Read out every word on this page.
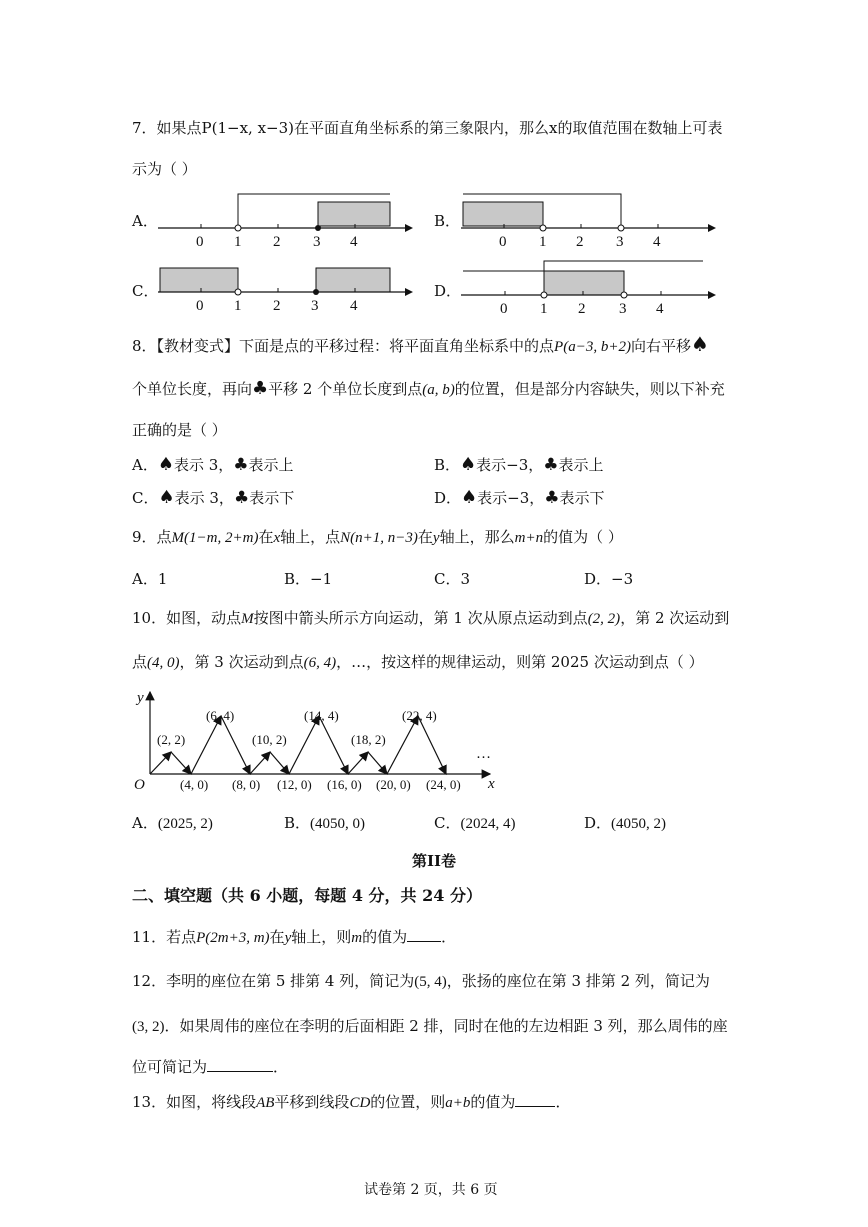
7．如果点P(1−x, x−3)在平面直角坐标系的第三象限内，那么x的取值范围在数轴上可表
示为（ ）
A．
0 1 2 3 4
B．
0 1 2 3 4
C．
0 1 2 3 4
D．
0 1 2 3 4
8．【教材变式】下面是点的平移过程：将平面直角坐标系中的点P(a−3, b+2)向右平移♠
个单位长度，再向♣平移 2 个单位长度到点(a, b)的位置，但是部分内容缺失，则以下补充
正确的是（ ）
A．♠表示 3，♣表示上	B．♠表示−3，♣表示上
C．♠表示 3，♣表示下	D．♠表示−3，♣表示下
9．点M(1−m, 2+m)在x轴上，点N(n+1, n−3)在y轴上，那么m+n的值为（ ）
A．1	B．−1	C．3	D．−3
10．如图，动点M按图中箭头所示方向运动，第 1 次从原点运动到点(2, 2)，第 2 次运动到
点(4, 0)，第 3 次运动到点(6, 4)，…，按这样的规律运动，则第 2025 次运动到点（ ）
y
x
O
…
(2, 2)
(6, 4)
(10, 2)
(14, 4)
(18, 2)
(22, 4)
(4, 0) (8, 0) (12, 0) (16, 0) (20, 0) (24, 0)
A．(2025, 2)	B．(4050, 0)	C．(2024, 4)	D．(4050, 2)
第II卷
二、填空题（共 6 小题，每题 4 分，共 24 分）
11．若点P(2m+3, m)在y轴上，则m的值为 ．
12．李明的座位在第 5 排第 4 列，简记为(5, 4)，张扬的座位在第 3 排第 2 列，简记为
(3, 2)．如果周伟的座位在李明的后面相距 2 排，同时在他的左边相距 3 列，那么周伟的座
位可简记为	．
13．如图，将线段AB平移到线段CD的位置，则a+b的值为	．
试卷第 2 页，共 6 页
